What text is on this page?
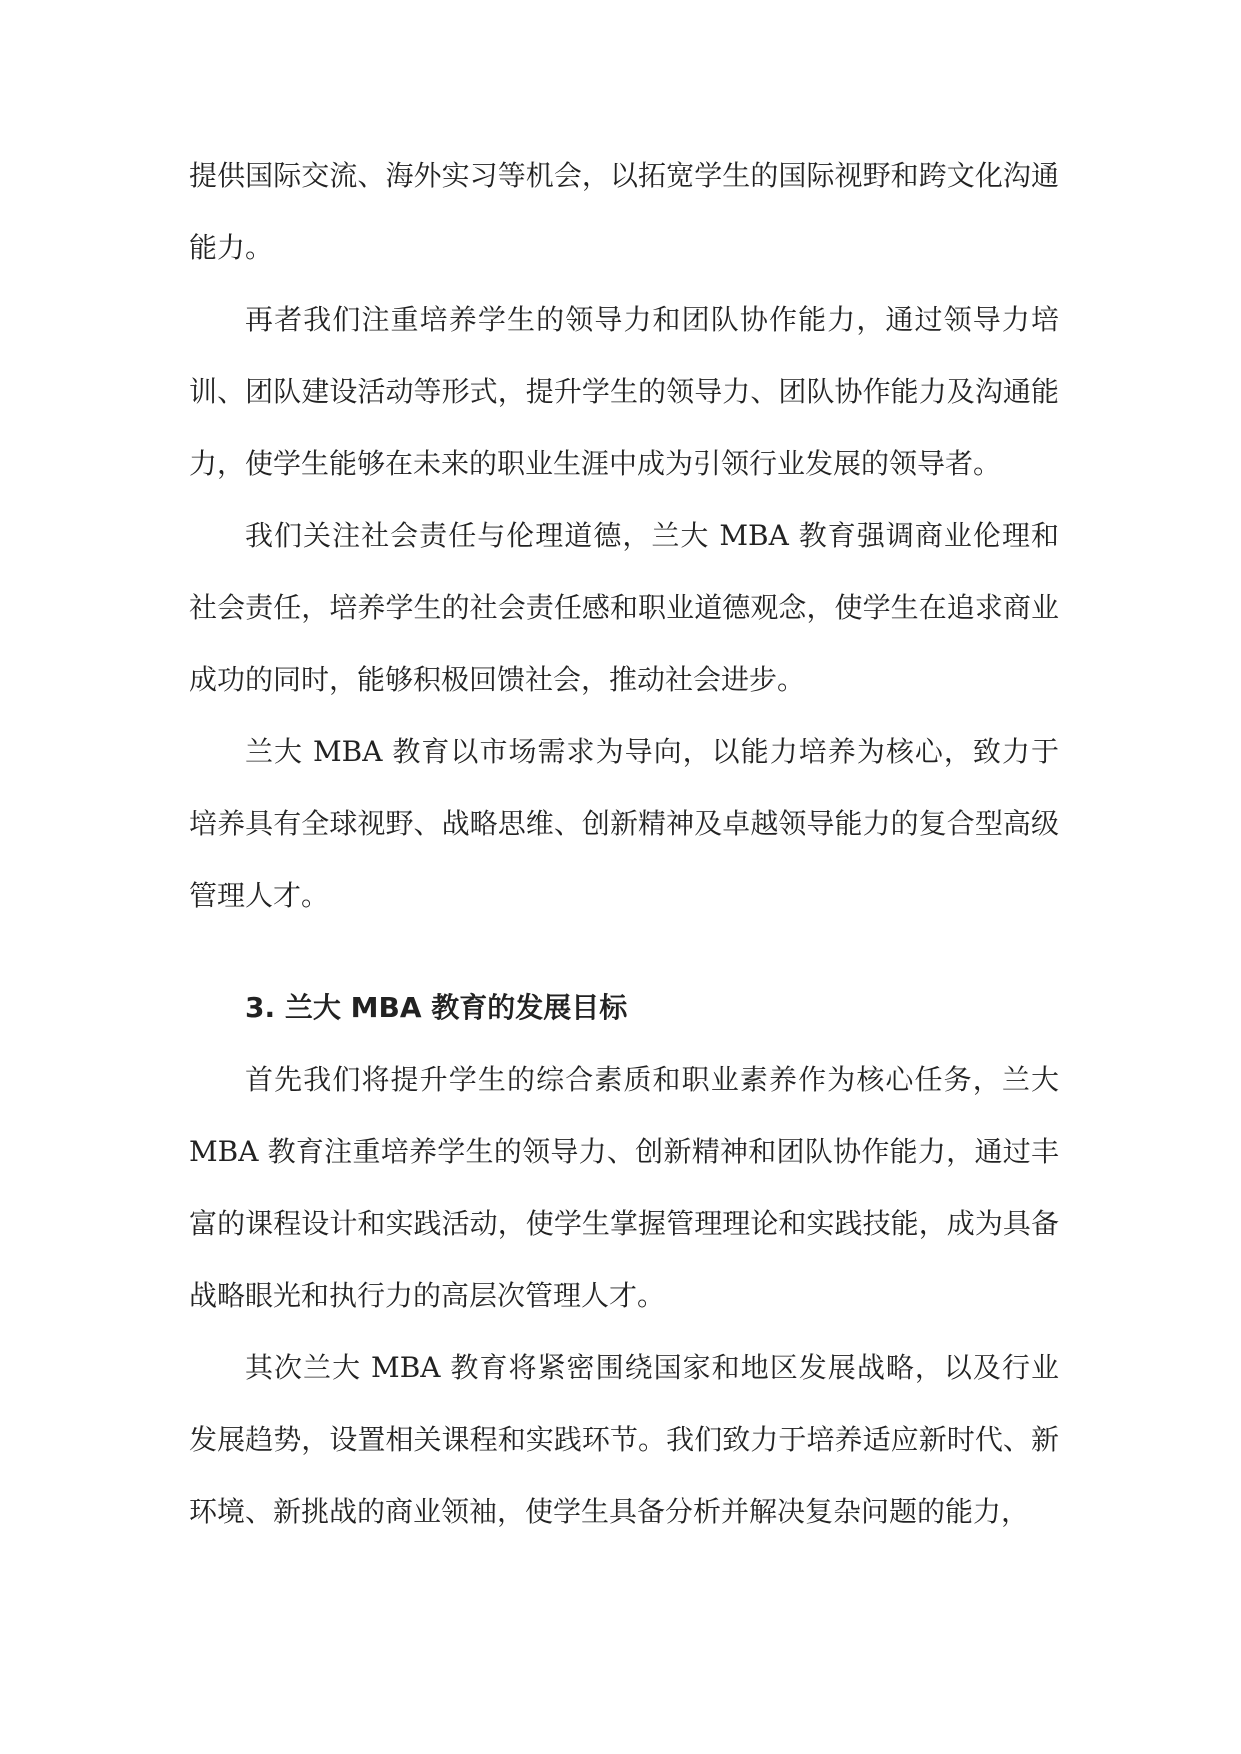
提供国际交流、海外实习等机会，以拓宽学生的国际视野和跨文化沟通能力。

再者我们注重培养学生的领导力和团队协作能力，通过领导力培训、团队建设活动等形式，提升学生的领导力、团队协作能力及沟通能力，使学生能够在未来的职业生涯中成为引领行业发展的领导者。

我们关注社会责任与伦理道德，兰大 MBA 教育强调商业伦理和社会责任，培养学生的社会责任感和职业道德观念，使学生在追求商业成功的同时，能够积极回馈社会，推动社会进步。

兰大 MBA 教育以市场需求为导向，以能力培养为核心，致力于培养具有全球视野、战略思维、创新精神及卓越领导能力的复合型高级管理人才。

3. 兰大 MBA 教育的发展目标

首先我们将提升学生的综合素质和职业素养作为核心任务，兰大MBA 教育注重培养学生的领导力、创新精神和团队协作能力，通过丰富的课程设计和实践活动，使学生掌握管理理论和实践技能，成为具备战略眼光和执行力的高层次管理人才。

其次兰大 MBA 教育将紧密围绕国家和地区发展战略，以及行业发展趋势，设置相关课程和实践环节。我们致力于培养适应新时代、新环境、新挑战的商业领袖，使学生具备分析并解决复杂问题的能力，
